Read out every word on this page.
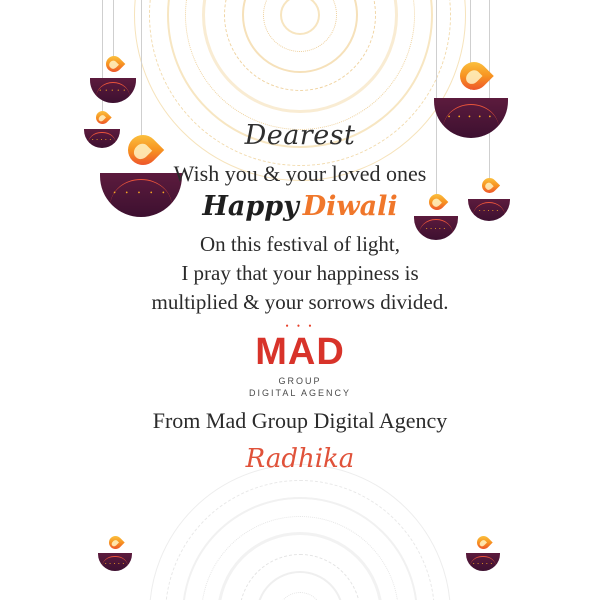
• • • • •
• • • • •
• • • • •
• • • • •
• • • • •
• • • • •
• • • • •	• • • • •
Dearest
Wish you & your loved ones
Happy Diwali
On this festival of light,
I pray that your happiness is
multiplied & your sorrows divided.
• • •
MAD
GROUP
DIGITAL AGENCY
From Mad Group Digital Agency
Radhika
